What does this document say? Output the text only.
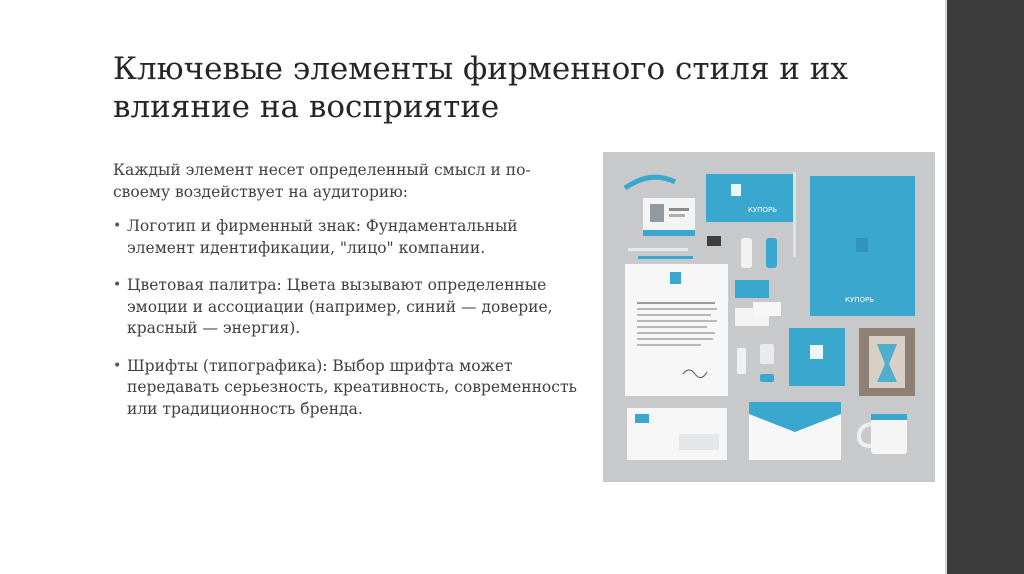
Ключевые элементы фирменного стиля и их влияние на восприятие

Каждый элемент несет определенный смысл и по-своему воздействует на аудиторию:

• Логотип и фирменный знак: Фундаментальный элемент идентификации, "лицо" компании.
• Цветовая палитра: Цвета вызывают определенные эмоции и ассоциации (например, синий — доверие, красный — энергия).
• Шрифты (типографика): Выбор шрифта может передавать серьезность, креативность, современность или традиционность бренда.
КУПОРЬ
КУПОРЬ
